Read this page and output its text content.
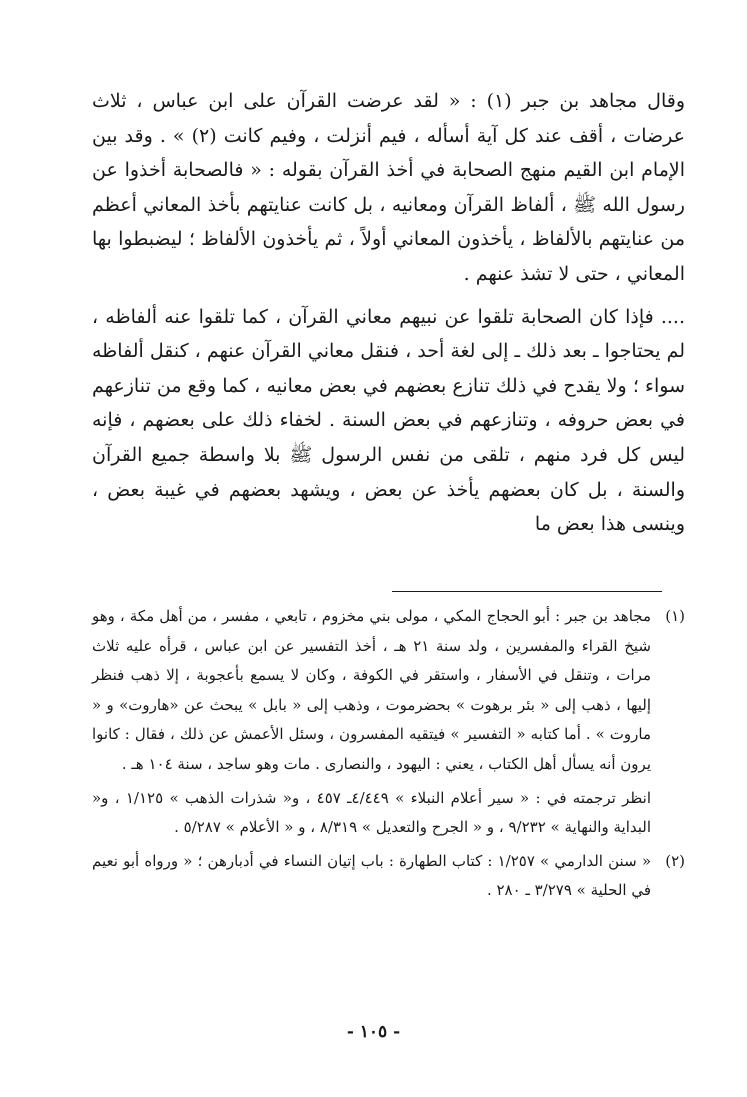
وقال مجاهد بن جبر (١) : « لقد عرضت القرآن على ابن عباس ، ثلاث عرضات ، أقف عند كل آية أسأله ، فيم أنزلت ، وفيم كانت (٢) » . وقد بين الإمام ابن القيم منهج الصحابة في أخذ القرآن بقوله : « فالصحابة أخذوا عن رسول الله ﷺ ، ألفاظ القرآن ومعانيه ، بل كانت عنايتهم بأخذ المعاني أعظم من عنايتهم بالألفاظ ، يأخذون المعاني أولاً ، ثم يأخذون الألفاظ ؛ ليضبطوا بها المعاني ، حتى لا تشذ عنهم .

.... فإذا كان الصحابة تلقوا عن نبيهم معاني القرآن ، كما تلقوا عنه ألفاظه ، لم يحتاجوا ـ بعد ذلك ـ إلى لغة أحد ، فنقل معاني القرآن عنهم ، كنقل ألفاظه سواء ؛ ولا يقدح في ذلك تنازع بعضهم في بعض معانيه ، كما وقع من تنازعهم في بعض حروفه ، وتنازعهم في بعض السنة . لخفاء ذلك على بعضهم ، فإنه ليس كل فرد منهم ، تلقى من نفس الرسول ﷺ بلا واسطة جميع القرآن والسنة ، بل كان بعضهم يأخذ عن بعض ، ويشهد بعضهم في غيبة بعض ، وينسى هذا بعض ما

(١)

مجاهد بن جبر : أبو الحجاج المكي ، مولى بني مخزوم ، تابعي ، مفسر ، من أهل مكة ، وهو شيخ القراء والمفسرين ، ولد سنة ٢١ هـ ، أخذ التفسير عن ابن عباس ، قرأه عليه ثلاث مرات ، وتنقل في الأسفار ، واستقر في الكوفة ، وكان لا يسمع بأعجوبة ، إلا ذهب فنظر إليها ، ذهب إلى « بئر برهوت » بحضرموت ، وذهب إلى « بابل » يبحث عن «هاروت» و « ماروت » . أما كتابه « التفسير » فيتقيه المفسرون ، وسئل الأعمش عن ذلك ، فقال : كانوا يرون أنه يسأل أهل الكتاب ، يعني : اليهود ، والنصارى . مات وهو ساجد ، سنة ١٠٤ هـ .

انظر ترجمته في : « سير أعلام النبلاء » ٤/٤٤٩ـ ٤٥٧ ، و« شذرات الذهب » ١/١٢٥ ، و« البداية والنهاية » ٩/٢٣٢ ، و « الجرح والتعديل » ٨/٣١٩ ، و « الأعلام » ٥/٢٨٧ .

(٢)

« سنن الدارمي » ١/٢٥٧ : كتاب الطهارة : باب إتيان النساء في أدبارهن ؛ « ورواه أبو نعيم في الحلية » ٣/٢٧٩ ـ ٢٨٠ .

- ١٠٥ -
